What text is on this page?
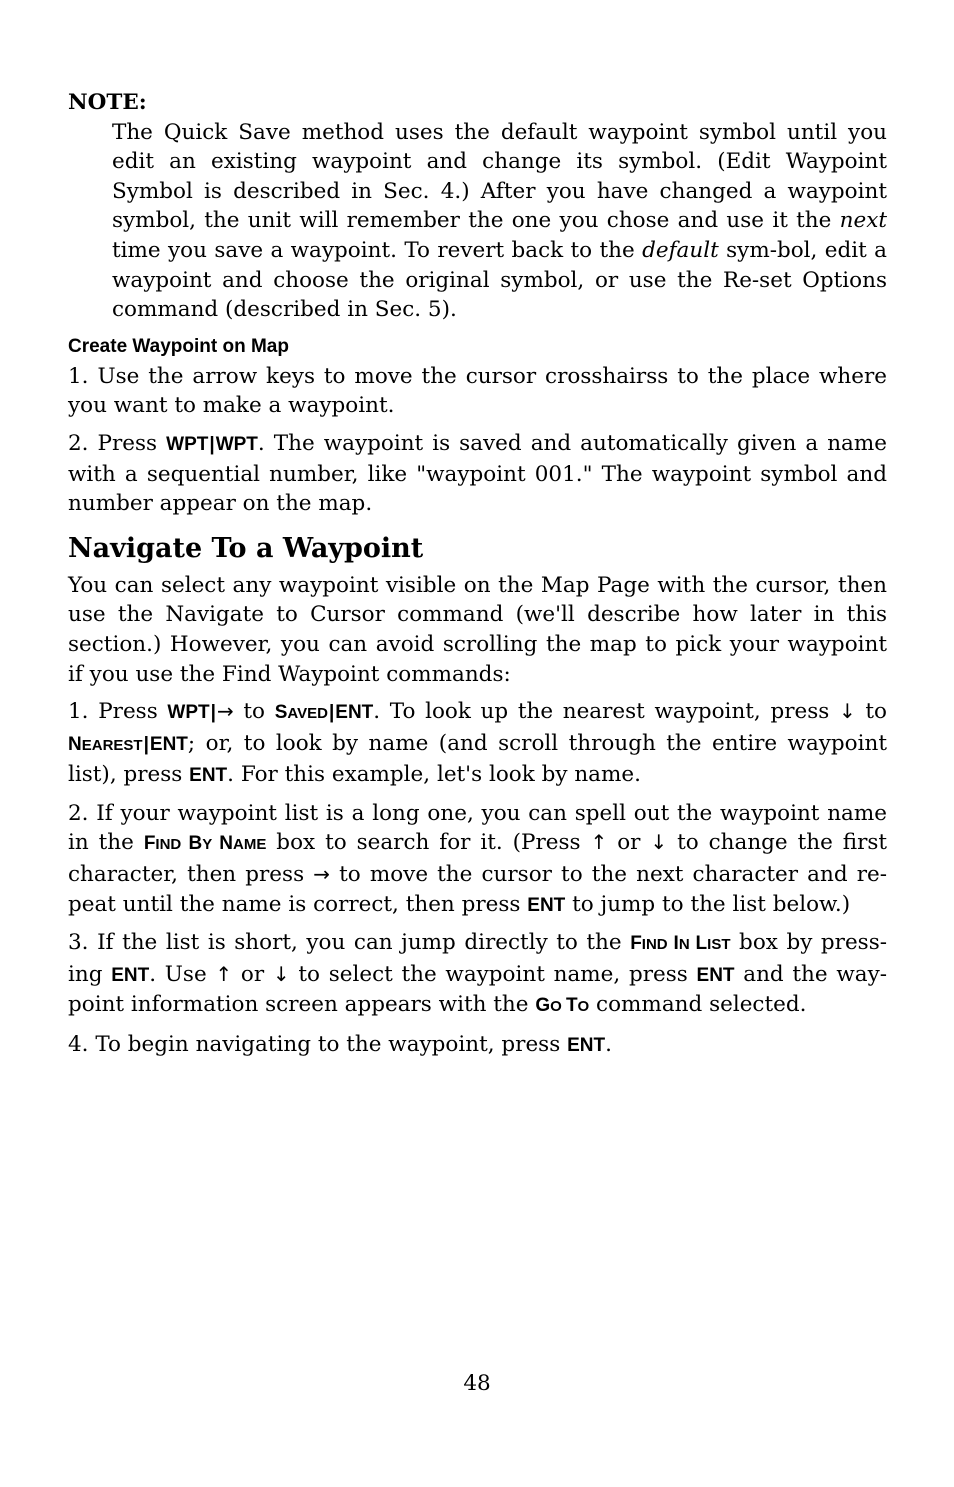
NOTE:
The Quick Save method uses the default waypoint symbol until you edit an existing waypoint and change its symbol. (Edit Waypoint Symbol is described in Sec. 4.) After you have changed a waypoint symbol, the unit will remember the one you chose and use it the next time you save a waypoint. To revert back to the default sym-bol, edit a waypoint and choose the original symbol, or use the Re-set Options command (described in Sec. 5).
Create Waypoint on Map

1. Use the arrow keys to move the cursor crosshairss to the place where you want to make a waypoint.

2. Press WPT|WPT. The waypoint is saved and automatically given a name with a sequential number, like "waypoint 001." The waypoint symbol and number appear on the map.

Navigate To a Waypoint

You can select any waypoint visible on the Map Page with the cursor, then use the Navigate to Cursor command (we'll describe how later in this section.) However, you can avoid scrolling the map to pick your waypoint if you use the Find Waypoint commands:

1. Press WPT|→ to SAVED|ENT. To look up the nearest waypoint, press ↓ to NEAREST|ENT; or, to look by name (and scroll through the entire waypoint list), press ENT. For this example, let's look by name.

2. If your waypoint list is a long one, you can spell out the waypoint name in the FIND BY NAME box to search for it. (Press ↑ or ↓ to change the first character, then press → to move the cursor to the next character and re-peat until the name is correct, then press ENT to jump to the list below.)

3. If the list is short, you can jump directly to the FIND IN LIST box by press-ing ENT. Use ↑ or ↓ to select the waypoint name, press ENT and the way-point information screen appears with the GO TO command selected.

4. To begin navigating to the waypoint, press ENT.

48
